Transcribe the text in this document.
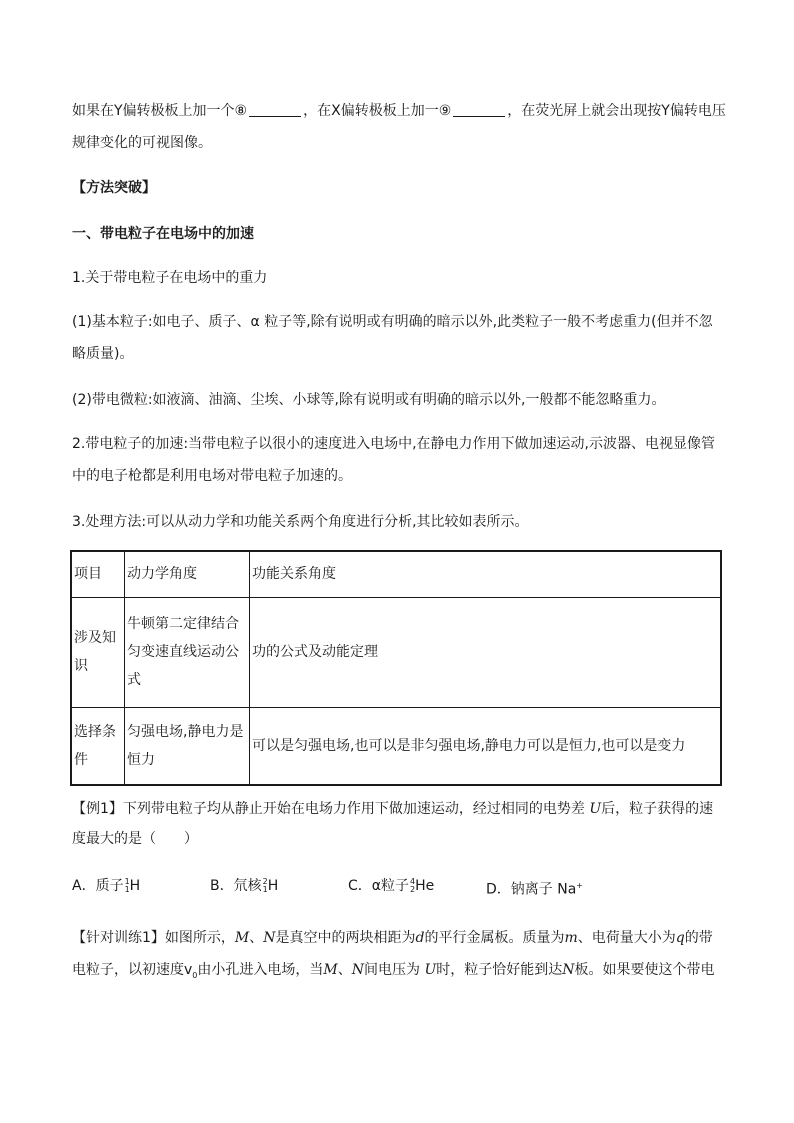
如果在Y偏转极板上加一个⑧	，在X偏转极板上加一⑨	，在荧光屏上就会出现按Y偏转电压
规律变化的可视图像。
【方法突破】
一、带电粒子在电场中的加速
1.关于带电粒子在电场中的重力
(1)基本粒子:如电子、质子、α 粒子等,除有说明或有明确的暗示以外,此类粒子一般不考虑重力(但并不忽
略质量)。
(2)带电微粒:如液滴、油滴、尘埃、小球等,除有说明或有明确的暗示以外,一般都不能忽略重力。
2.带电粒子的加速:当带电粒子以很小的速度进入电场中,在静电力作用下做加速运动,示波器、电视显像管
中的电子枪都是利用电场对带电粒子加速的。
3.处理方法:可以从动力学和功能关系两个角度进行分析,其比较如表所示。
项目	动力学角度	功能关系角度
涉及知识	牛顿第二定律结合匀变速直线运动公式	功的公式及动能定理
选择条件	匀强电场,静电力是恒力	可以是匀强电场,也可以是非匀强电场,静电力可以是恒力,也可以是变力
【例1】下列带电粒子均从静止开始在电场力作用下做加速运动，经过相同的电势差 U后，粒子获得的速
度最大的是（　　）
A．质子 1
1 H	B．氘核 2
1 H	C．α粒子 4
2 He	D．钠离子 Na+
【针对训练1】如图所示，M、N是真空中的两块相距为d的平行金属板。质量为m、电荷量大小为q的带
电粒子，以初速度$v_0$由小孔进入电场，当M、N间电压为 U时，粒子恰好能到达N板。如果要使这个带电
